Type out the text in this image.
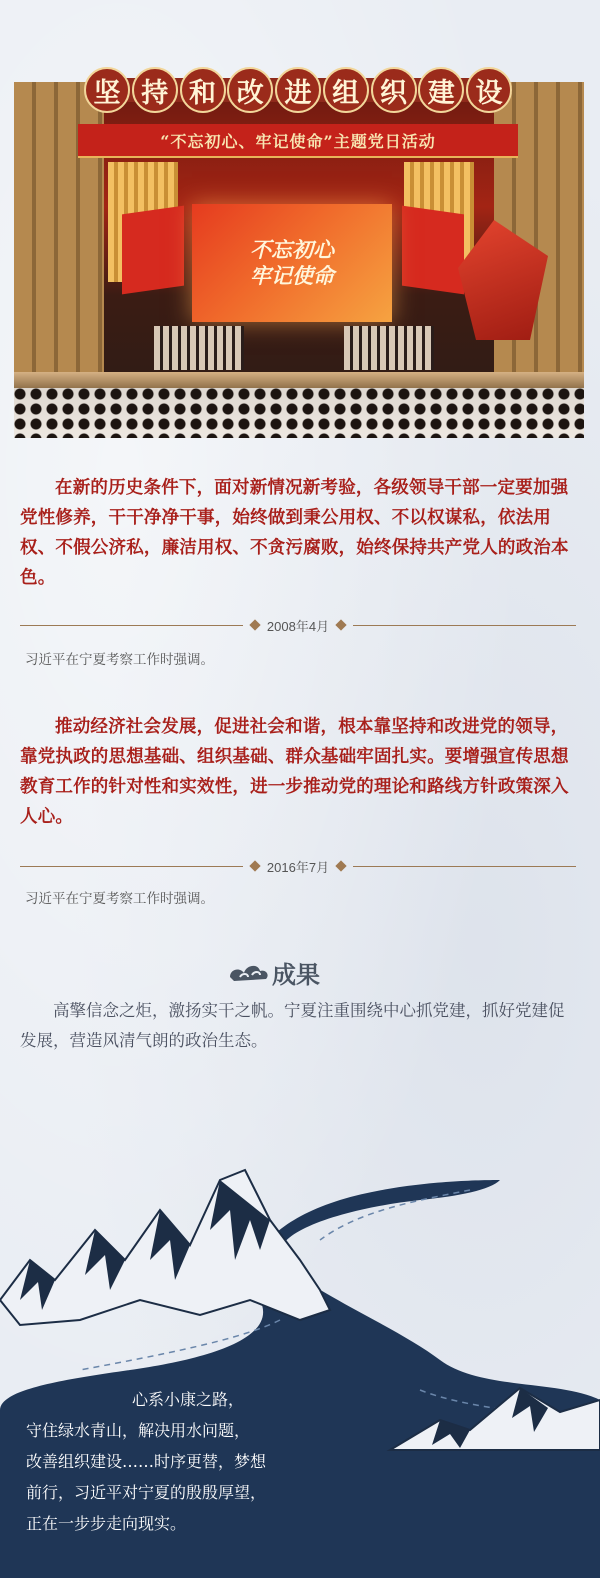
“不忘初心、牢记使命”主题党日活动
不忘初心
牢记使命
坚 持 和 改 进 组 织 建 设

在新的历史条件下，面对新情况新考验，各级领导干部一定要加强党性修养，干干净净干事，始终做到秉公用权、不以权谋私，依法用权、不假公济私，廉洁用权、不贪污腐败，始终保持共产党人的政治本色。

2008年4月

习近平在宁夏考察工作时强调。

推动经济社会发展，促进社会和谐，根本靠坚持和改进党的领导，靠党执政的思想基础、组织基础、群众基础牢固扎实。要增强宣传思想教育工作的针对性和实效性，进一步推动党的理论和路线方针政策深入人心。

2016年7月

习近平在宁夏考察工作时强调。

成果

高擎信念之炬，激扬实干之帆。宁夏注重围绕中心抓党建，抓好党建促发展，营造风清气朗的政治生态。

心系小康之路，
守住绿水青山，解决用水问题，
改善组织建设……时序更替，梦想
前行，习近平对宁夏的殷殷厚望，
正在一步步走向现实。
